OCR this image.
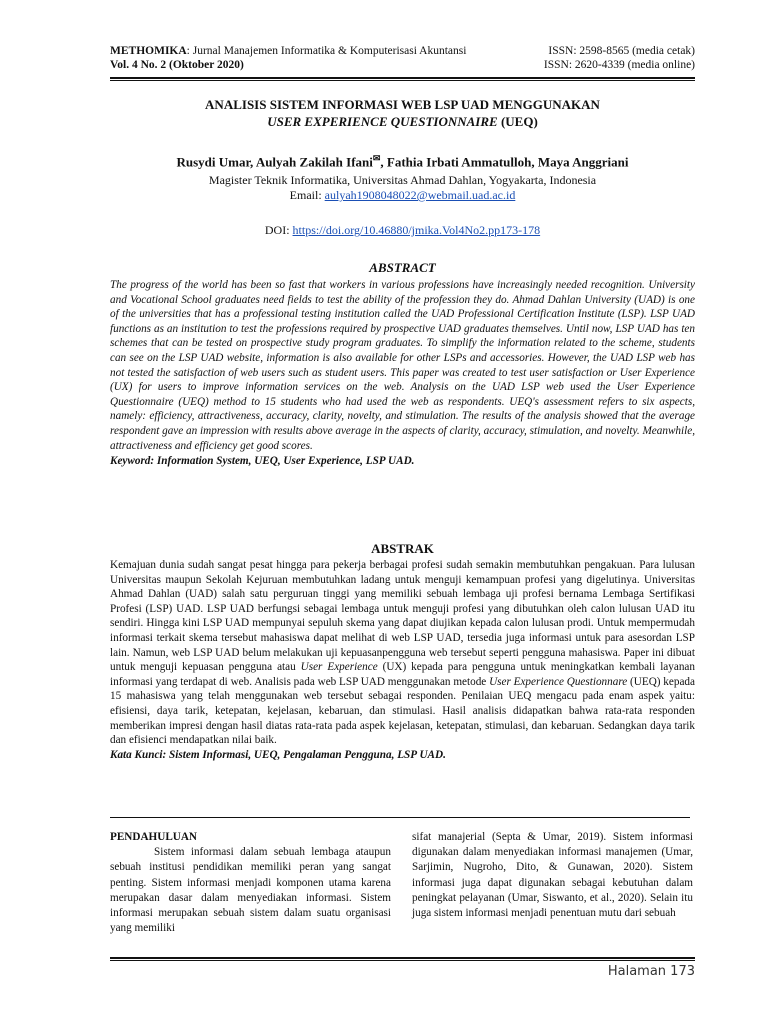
METHOMIKA: Jurnal Manajemen Informatika & Komputerisasi Akuntansi	ISSN: 2598-8565 (media cetak)
Vol. 4 No. 2 (Oktober 2020)	ISSN: 2620-4339 (media online)
ANALISIS SISTEM INFORMASI WEB LSP UAD MENGGUNAKAN
USER EXPERIENCE QUESTIONNAIRE (UEQ)
Rusydi Umar, Aulyah Zakilah Ifani✉, Fathia Irbati Ammatulloh, Maya Anggriani
Magister Teknik Informatika, Universitas Ahmad Dahlan, Yogyakarta, Indonesia
Email: aulyah1908048022@webmail.uad.ac.id
DOI: https://doi.org/10.46880/jmika.Vol4No2.pp173-178
ABSTRACT
The progress of the world has been so fast that workers in various professions have increasingly needed recognition. University and Vocational School graduates need fields to test the ability of the profession they do. Ahmad Dahlan University (UAD) is one of the universities that has a professional testing institution called the UAD Professional Certification Institute (LSP). LSP UAD functions as an institution to test the professions required by prospective UAD graduates themselves. Until now, LSP UAD has ten schemes that can be tested on prospective study program graduates. To simplify the information related to the scheme, students can see on the LSP UAD website, information is also available for other LSPs and accessories. However, the UAD LSP web has not tested the satisfaction of web users such as student users. This paper was created to test user satisfaction or User Experience (UX) for users to improve information services on the web. Analysis on the UAD LSP web used the User Experience Questionnaire (UEQ) method to 15 students who had used the web as respondents. UEQ's assessment refers to six aspects, namely: efficiency, attractiveness, accuracy, clarity, novelty, and stimulation. The results of the analysis showed that the average respondent gave an impression with results above average in the aspects of clarity, accuracy, stimulation, and novelty. Meanwhile, attractiveness and efficiency get good scores.
Keyword: Information System, UEQ, User Experience, LSP UAD.
ABSTRAK
Kemajuan dunia sudah sangat pesat hingga para pekerja berbagai profesi sudah semakin membutuhkan pengakuan. Para lulusan Universitas maupun Sekolah Kejuruan membutuhkan ladang untuk menguji kemampuan profesi yang digelutinya. Universitas Ahmad Dahlan (UAD) salah satu perguruan tinggi yang memiliki sebuah lembaga uji profesi bernama Lembaga Sertifikasi Profesi (LSP) UAD. LSP UAD berfungsi sebagai lembaga untuk menguji profesi yang dibutuhkan oleh calon lulusan UAD itu sendiri. Hingga kini LSP UAD mempunyai sepuluh skema yang dapat diujikan kepada calon lulusan prodi. Untuk mempermudah informasi terkait skema tersebut mahasiswa dapat melihat di web LSP UAD, tersedia juga informasi untuk para asesordan LSP lain. Namun, web LSP UAD belum melakukan uji kepuasanpengguna web tersebut seperti pengguna mahasiswa. Paper ini dibuat untuk menguji kepuasan pengguna atau User Experience (UX) kepada para pengguna untuk meningkatkan kembali layanan informasi yang terdapat di web. Analisis pada web LSP UAD menggunakan metode User Experience Questionnare (UEQ) kepada 15 mahasiswa yang telah menggunakan web tersebut sebagai responden. Penilaian UEQ mengacu pada enam aspek yaitu: efisiensi, daya tarik, ketepatan, kejelasan, kebaruan, dan stimulasi. Hasil analisis didapatkan bahwa rata-rata responden memberikan impresi dengan hasil diatas rata-rata pada aspek kejelasan, ketepatan, stimulasi, dan kebaruan. Sedangkan daya tarik dan efisienci mendapatkan nilai baik.
Kata Kunci: Sistem Informasi, UEQ, Pengalaman Pengguna, LSP UAD.
PENDAHULUAN
Sistem informasi dalam sebuah lembaga ataupun sebuah institusi pendidikan memiliki peran yang sangat penting. Sistem informasi menjadi komponen utama karena merupakan dasar dalam menyediakan informasi. Sistem informasi merupakan sebuah sistem dalam suatu organisasi yang memiliki
sifat manajerial (Septa & Umar, 2019). Sistem informasi digunakan dalam menyediakan informasi manajemen (Umar, Sarjimin, Nugroho, Dito, & Gunawan, 2020). Sistem informasi juga dapat digunakan sebagai kebutuhan dalam peningkat pelayanan (Umar, Siswanto, et al., 2020). Selain itu juga sistem informasi menjadi penentuan mutu dari sebuah
Halaman 173
